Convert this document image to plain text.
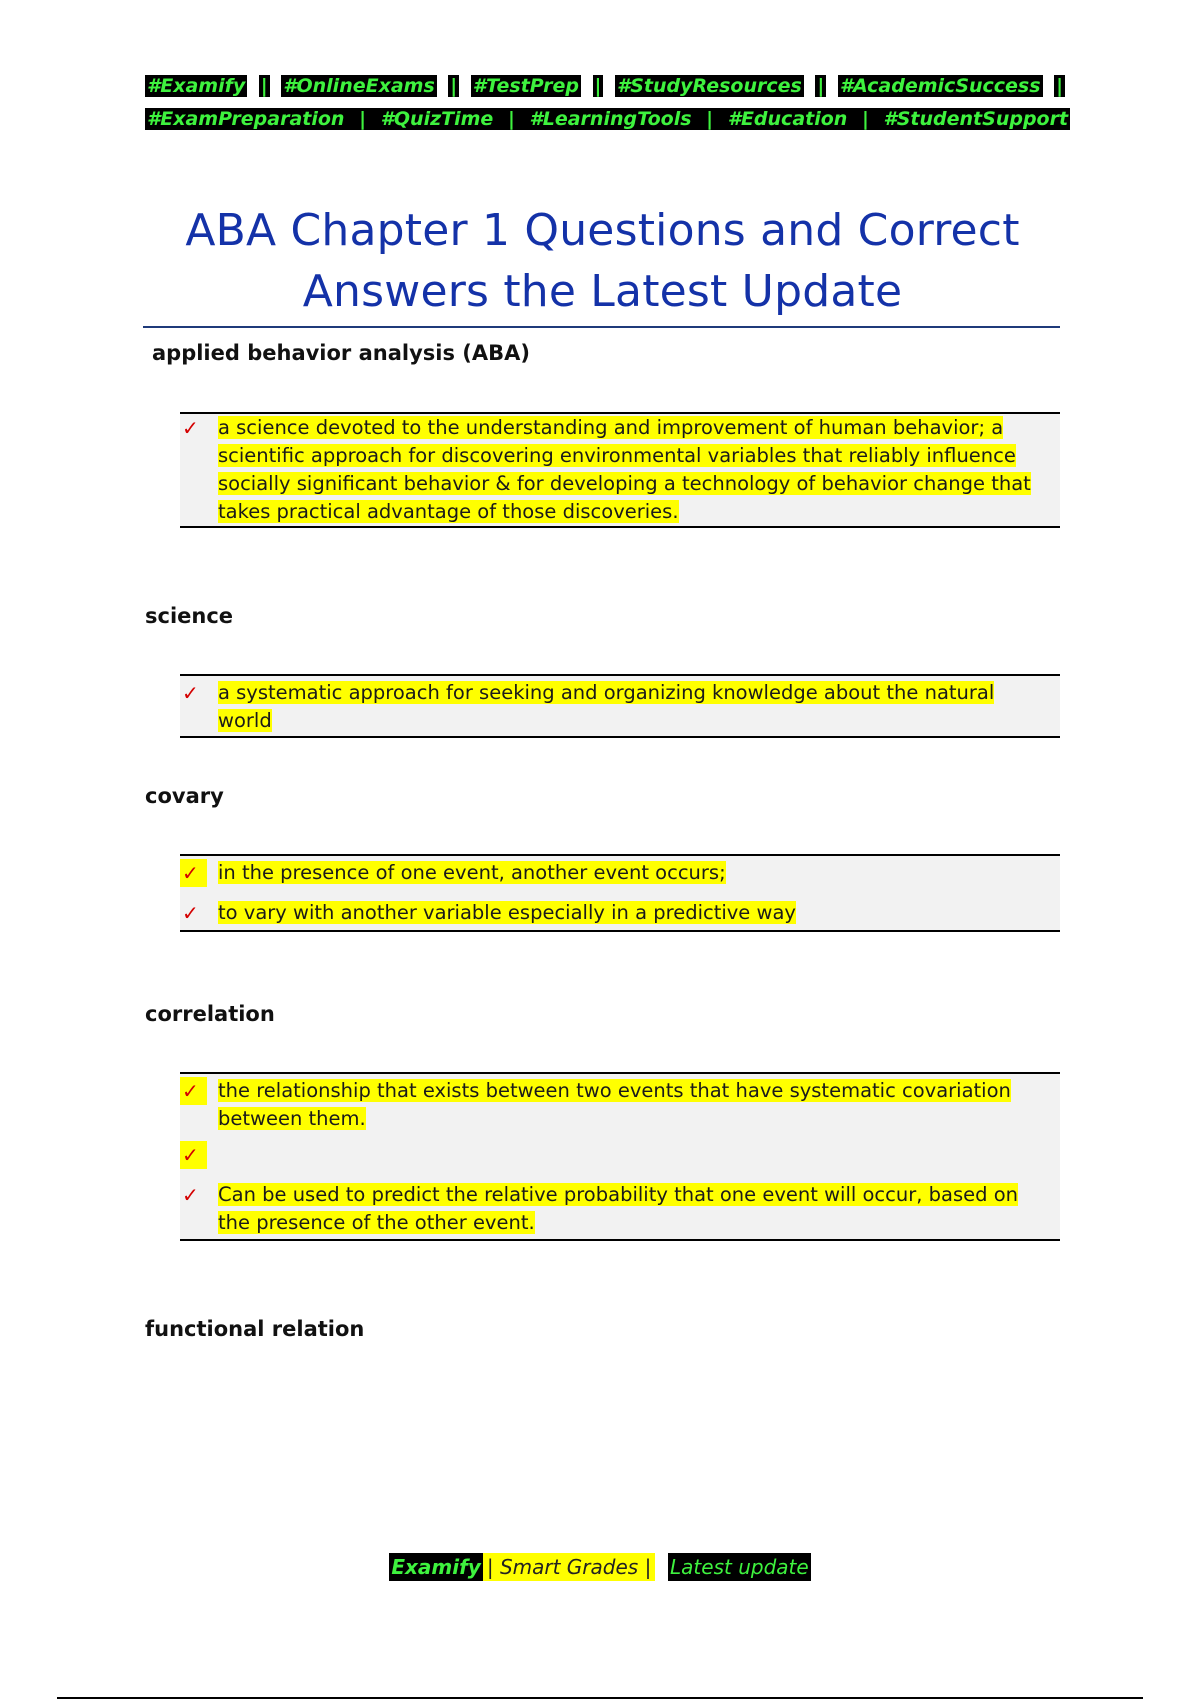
#Examify | #OnlineExams | #TestPrep | #StudyResources | #AcademicSuccess |
#ExamPreparation | #QuizTime | #LearningTools | #Education | #StudentSupport
ABA Chapter 1 Questions and Correct
Answers the Latest Update
applied behavior analysis (ABA)
✓ a science devoted to the understanding and improvement of human behavior; a scientific approach for discovering environmental variables that reliably influence socially significant behavior & for developing a technology of behavior change that takes practical advantage of those discoveries.
science
✓ a systematic approach for seeking and organizing knowledge about the natural world
covary
✓ in the presence of one event, another event occurs;
✓ to vary with another variable especially in a predictive way
correlation
✓ the relationship that exists between two events that have systematic covariation between them.
✓
✓ Can be used to predict the relative probability that one event will occur, based on the presence of the other event.
functional relation
Examify | Smart Grades | Latest update
